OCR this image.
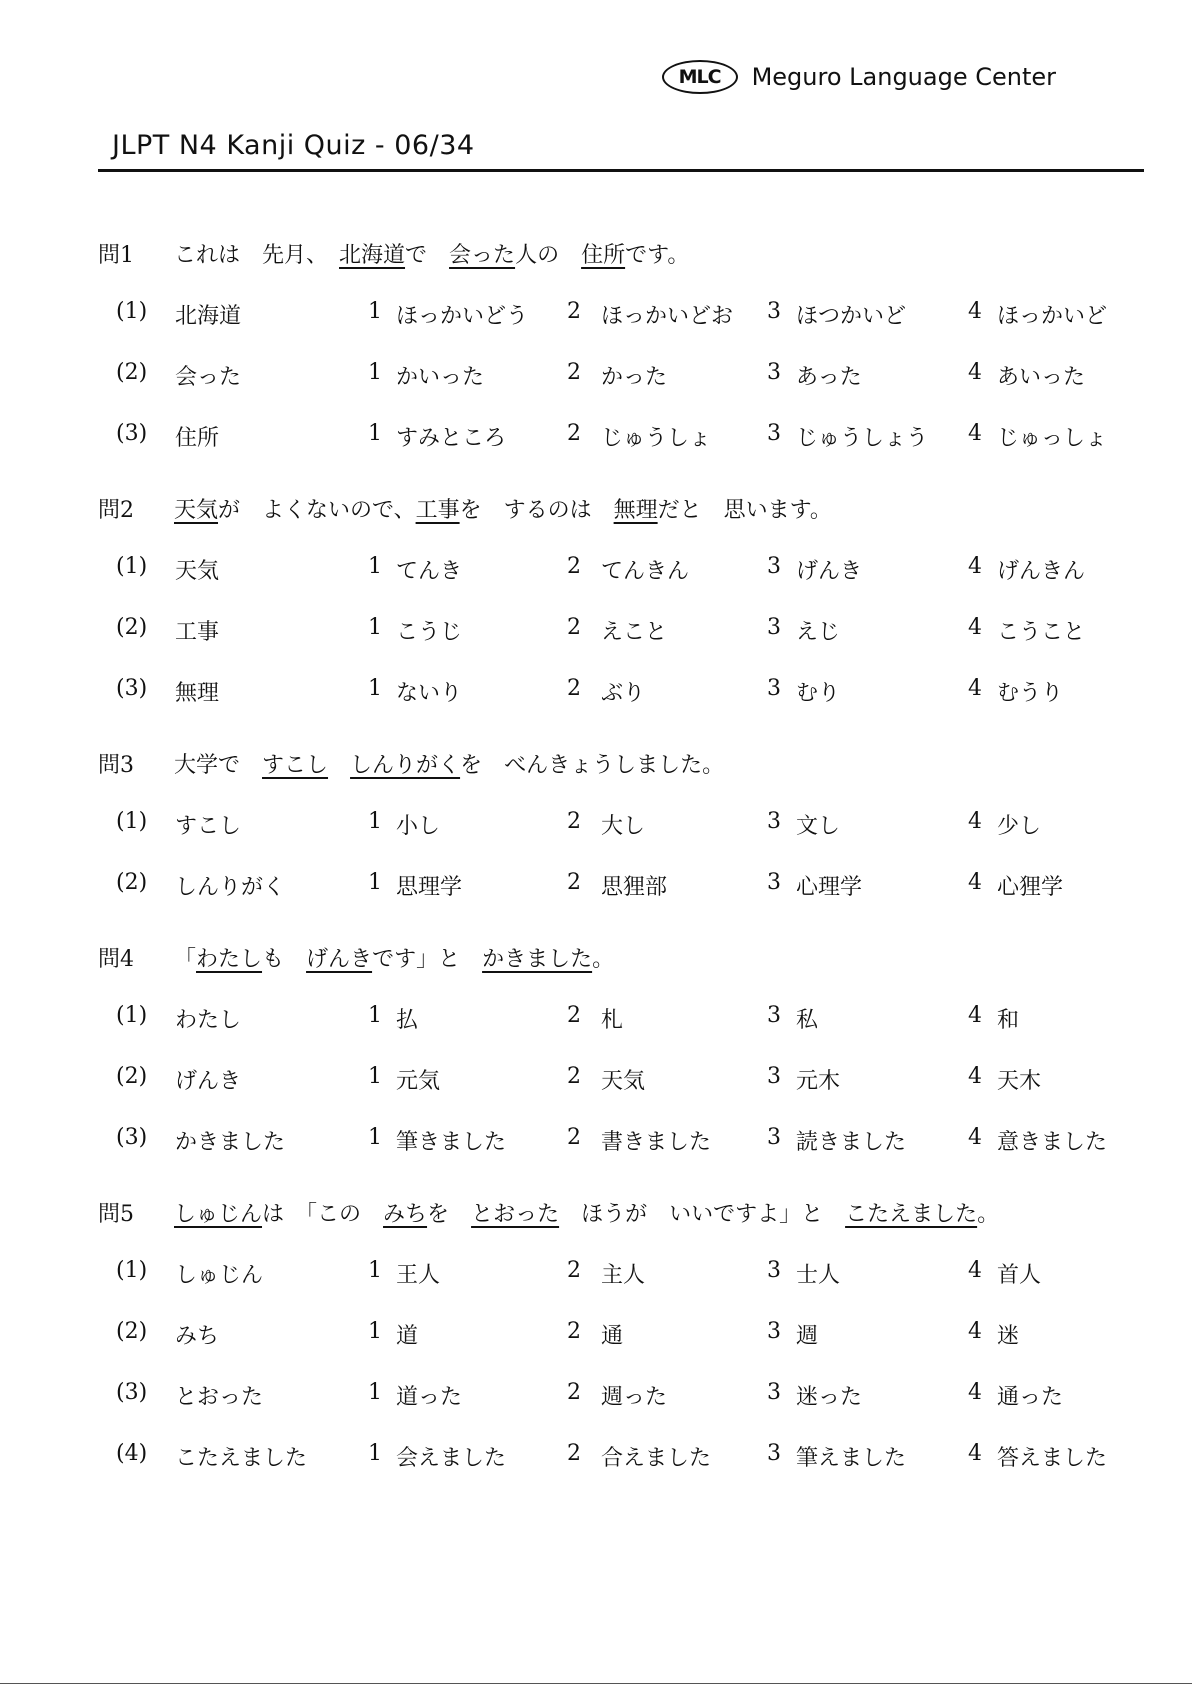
MLC	Meguro Language Center
JLPT N4 Kanji Quiz - 06/34
問1 これは　先月、　北海道で　会った人の　住所です。
(1) 北海道	1 ほっかいどう 2 ほっかいどお 3 ほつかいど	4 ほっかいど
(2) 会った	1 かいった	2 かった	3 あった	4 あいった
(3) 住所	1 すみところ	2 じゅうしょ	3 じゅうしょう 4 じゅっしょ
問2 天気が　よくないので、工事を　するのは　無理だと　思います。
(1) 天気	1 てんき	2 てんきん	3 げんき	4 げんきん
(2) 工事	1 こうじ	2 えこと	3 えじ	4 こうこと
(3) 無理	1 ないり	2 ぶり	3 むり	4 むうり
問3 大学で　すこし　 しんりがくを　べんきょうしました。
(1) すこし	1 小し	2 大し	3 文し	4 少し
(2) しんりがく	1 思理学	2 思狸部	3 心理学	4 心狸学
問4 「わたしも　げんきです」と　かきました。
(1) わたし	1 払	2 札	3 私	4 和
(2) げんき	1 元気	2 天気	3 元木	4 天木
(3) かきました	1 筆きました	2 書きました	3 読きました	4 意きました
問5 しゅじんは　「この　みちを　とおった　ほうが　いいですよ」と　こたえました。
(1) しゅじん	1 王人	2 主人	3 士人	4 首人
(2) みち	1 道	2 通	3 週	4 迷
(3) とおった	1 道った	2 週った	3 迷った	4 通った
(4) こたえました	1 会えました	2 合えました	3 筆えました	4 答えました
